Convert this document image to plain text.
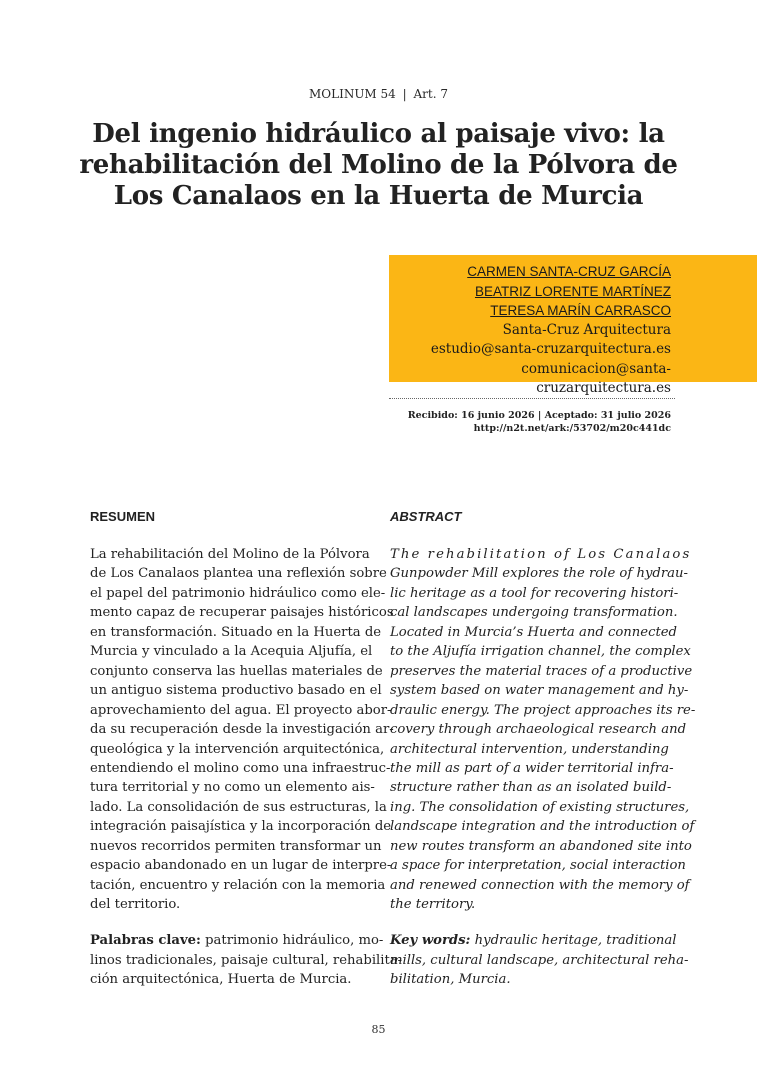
MOLINUM 54 | Art. 7
Del ingenio hidráulico al paisaje vivo: la
rehabilitación del Molino de la Pólvora de
Los Canalaos en la Huerta de Murcia
CARMEN SANTA-CRUZ GARCÍA
BEATRIZ LORENTE MARTÍNEZ
TERESA MARÍN CARRASCO
Santa-Cruz Arquitectura
estudio@santa-cruzarquitectura.es
comunicacion@santa-cruzarquitectura.es
Recibido: 16 junio 2026 | Aceptado: 31 julio 2026
http://n2t.net/ark:/53702/m20c441dc
RESUMEN	ABSTRACT
La rehabilitación del Molino de la Pólvora
de Los Canalaos plantea una reflexión sobre
el papel del patrimonio hidráulico como ele-
mento capaz de recuperar paisajes históricos
en transformación. Situado en la Huerta de
Murcia y vinculado a la Acequia Aljufía, el
conjunto conserva las huellas materiales de
un antiguo sistema productivo basado en el
aprovechamiento del agua. El proyecto abor-
da su recuperación desde la investigación ar-
queológica y la intervención arquitectónica,
entendiendo el molino como una infraestruc-
tura territorial y no como un elemento ais-
lado. La consolidación de sus estructuras, la
integración paisajística y la incorporación de
nuevos recorridos permiten transformar un
espacio abandonado en un lugar de interpre-
tación, encuentro y relación con la memoria
del territorio.
The rehabilitation of Los Canalaos
Gunpowder Mill explores the role of hydrau-
lic heritage as a tool for recovering histori-
cal landscapes undergoing transformation.
Located in Murcia’s Huerta and connected
to the Aljufía irrigation channel, the complex
preserves the material traces of a productive
system based on water management and hy-
draulic energy. The project approaches its re-
covery through archaeological research and
architectural intervention, understanding
the mill as part of a wider territorial infra-
structure rather than as an isolated build-
ing. The consolidation of existing structures,
landscape integration and the introduction of
new routes transform an abandoned site into
a space for interpretation, social interaction
and renewed connection with the memory of
the territory.
Palabras clave: patrimonio hidráulico, mo-
linos tradicionales, paisaje cultural, rehabilita-
ción arquitectónica, Huerta de Murcia.
Key words: hydraulic heritage, traditional
mills, cultural landscape, architectural reha-
bilitation, Murcia.
85
